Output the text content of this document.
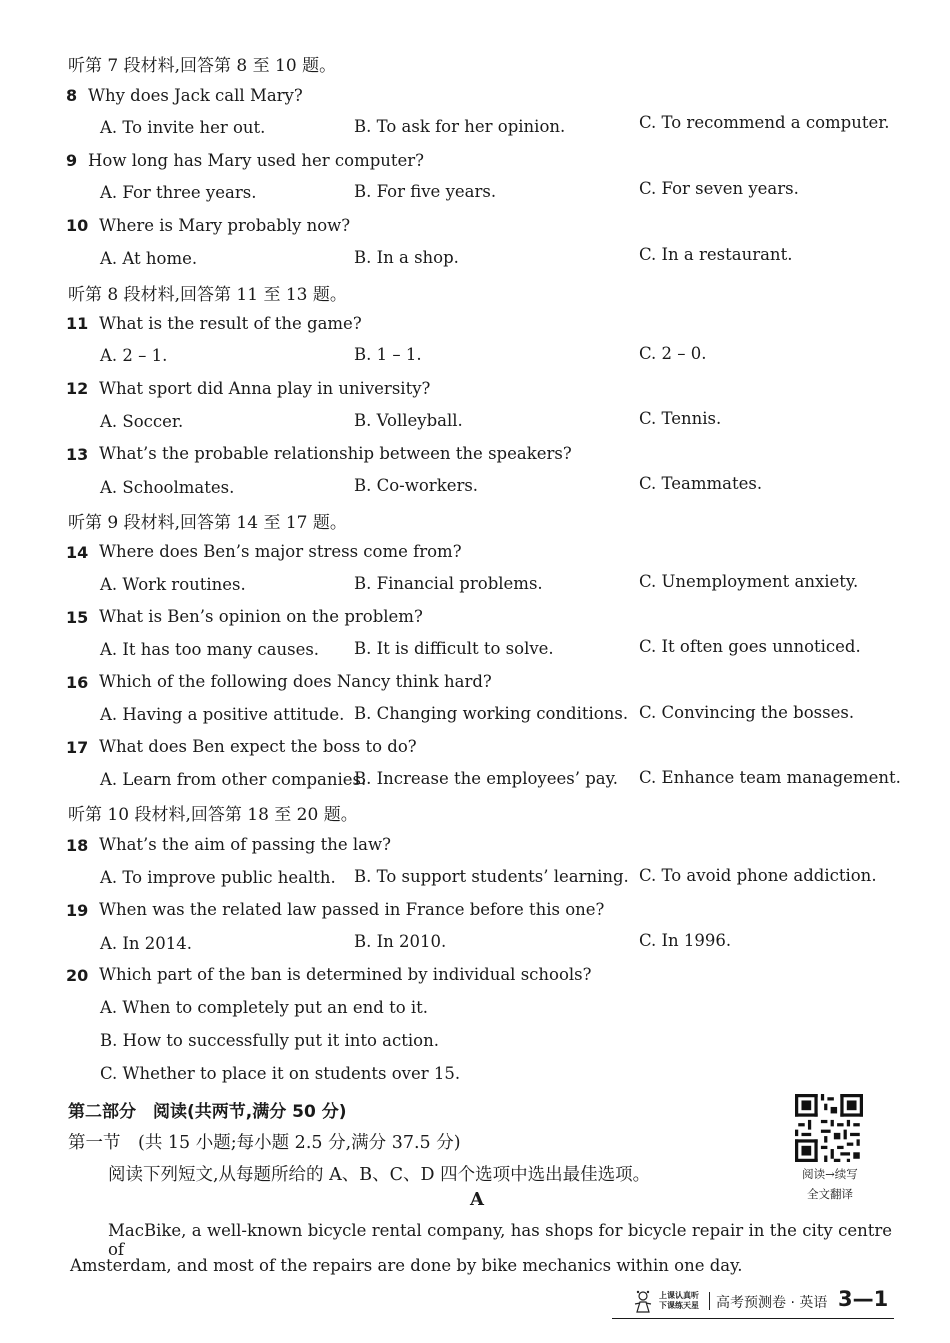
听第 7 段材料,回答第 8 至 10 题。
8 Why does Jack call Mary?
A. To invite her out.	B. To ask for her opinion.	C. To recommend a computer.
9 How long has Mary used her computer?
A. For three years.	B. For five years.	C. For seven years.
10 Where is Mary probably now?
A. At home.	B. In a shop.	C. In a restaurant.
听第 8 段材料,回答第 11 至 13 题。
11 What is the result of the game?
A. 2 – 1.	B. 1 – 1.	C. 2 – 0.
12 What sport did Anna play in university?
A. Soccer.	B. Volleyball.	C. Tennis.
13 What’s the probable relationship between the speakers?
A. Schoolmates.	B. Co-workers.	C. Teammates.
听第 9 段材料,回答第 14 至 17 题。
14 Where does Ben’s major stress come from?
A. Work routines.	B. Financial problems.	C. Unemployment anxiety.
15 What is Ben’s opinion on the problem?
A. It has too many causes. B. It is difficult to solve.	C. It often goes unnoticed.
16 Which of the following does Nancy think hard?
A. Having a positive attitude. B. Changing working conditions. C. Convincing the bosses.
17 What does Ben expect the boss to do?
A. Learn from other companies.
B. Increase the employees’ pay. C. Enhance team management.
听第 10 段材料,回答第 18 至 20 题。
18 What’s the aim of passing the law?
A. To improve public health. B. To support students’ learning. C. To avoid phone addiction.
19 When was the related law passed in France before this one?
A. In 2014.	B. In 2010.	C. In 1996.
20 Which part of the ban is determined by individual schools?
A. When to completely put an end to it.
B. How to successfully put it into action.
C. Whether to place it on students over 15.
第二部分　阅读(共两节,满分 50 分)
第一节　(共 15 小题;每小题 2.5 分,满分 37.5 分)
阅读下列短文,从每题所给的 A、B、C、D 四个选项中选出最佳选项。
A
MacBike, a well-known bicycle rental company, has shops for bicycle repair in the city centre of
Amsterdam, and most of the repairs are done by bike mechanics within one day.
阅读→续写
全文翻译
上课认真听
下课练天星 高考预测卷 · 英语 3—1
